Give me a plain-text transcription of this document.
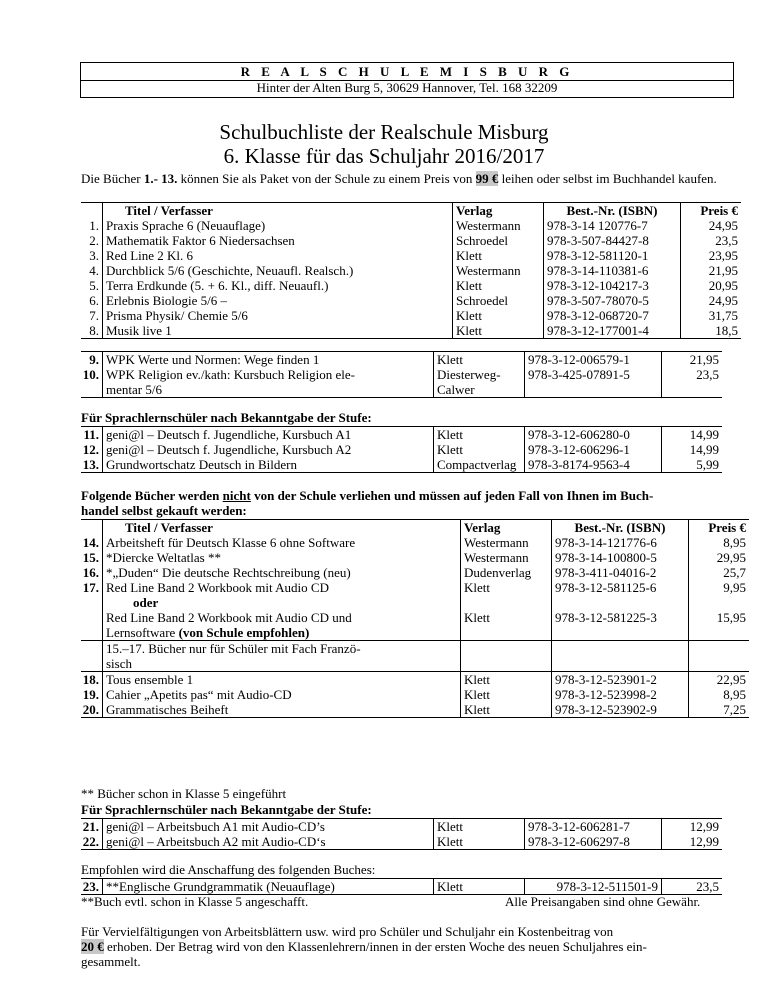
R E A L S C H U L E M I S B U R G
Hinter der Alten Burg 5, 30629 Hannover, Tel. 168 32209
Schulbuchliste der Realschule Misburg
6. Klasse für das Schuljahr 2016/2017
Die Bücher 1.- 13. können Sie als Paket von der Schule zu einem Preis von 99 € leihen oder selbst im Buchhandel kaufen.
	Titel / Verfasser	Verlag	Best.-Nr. (ISBN)	Preis €
1.	Praxis Sprache 6 (Neuauflage)	Westermann	978-3-14 120776-7	24,95
2.	Mathematik Faktor 6 Niedersachsen	Schroedel	978-3-507-84427-8	23,5
3.	Red Line 2 Kl. 6	Klett	978-3-12-581120-1	23,95
4.	Durchblick 5/6 (Geschichte, Neuaufl. Realsch.)	Westermann	978-3-14-110381-6	21,95
5.	Terra Erdkunde (5. + 6. Kl., diff. Neuaufl.)	Klett	978-3-12-104217-3	20,95
6.	Erlebnis Biologie 5/6 –	Schroedel	978-3-507-78070-5	24,95
7.	Prisma Physik/ Chemie 5/6	Klett	978-3-12-068720-7	31,75
8.	Musik live 1	Klett	978-3-12-177001-4	18,5
9.	WPK Werte und Normen: Wege finden 1	Klett	978-3-12-006579-1	21,95
10.	WPK Religion ev./kath: Kursbuch Religion ele-	Diesterweg-	978-3-425-07891-5	23,5
	mentar 5/6	Calwer		
Für Sprachlernschüler nach Bekanntgabe der Stufe:
11.	geni@l – Deutsch f. Jugendliche, Kursbuch A1	Klett	978-3-12-606280-0	14,99
12.	geni@l – Deutsch f. Jugendliche, Kursbuch A2	Klett	978-3-12-606296-1	14,99
13.	Grundwortschatz Deutsch in Bildern	Compactverlag	978-3-8174-9563-4	5,99
Folgende Bücher werden nicht von der Schule verliehen und müssen auf jeden Fall von Ihnen im Buch-
handel selbst gekauft werden:
	Titel / Verfasser	Verlag	Best.-Nr. (ISBN)	Preis €
14.	Arbeitsheft für Deutsch Klasse 6 ohne Software	Westermann	978-3-14-121776-6	8,95
15.	*Diercke Weltatlas **	Westermann	978-3-14-100800-5	29,95
16.	*„Duden“ Die deutsche Rechtschreibung (neu)	Dudenverlag	978-3-411-04016-2	25,7
17.	Red Line Band 2 Workbook mit Audio CD	Klett	978-3-12-581125-6	9,95
	oder			
	Red Line Band 2 Workbook mit Audio CD und	Klett	978-3-12-581225-3	15,95
	Lernsoftware (von Schule empfohlen)			
	15.–17. Bücher nur für Schüler mit Fach Franzö-			
	sisch			
18.	Tous ensemble 1	Klett	978-3-12-523901-2	22,95
19.	Cahier „Apetits pas“ mit Audio-CD	Klett	978-3-12-523998-2	8,95
20.	Grammatisches Beiheft	Klett	978-3-12-523902-9	7,25
** Bücher schon in Klasse 5 eingeführt
Für Sprachlernschüler nach Bekanntgabe der Stufe:
21.	geni@l – Arbeitsbuch A1 mit Audio-CD’s	Klett	978-3-12-606281-7	12,99
22.	geni@l – Arbeitsbuch A2 mit Audio-CD‘s	Klett	978-3-12-606297-8	12,99
Empfohlen wird die Anschaffung des folgenden Buches:
23.	**Englische Grundgrammatik (Neuauflage)	Klett	978-3-12-511501-9	23,5
**Buch evtl. schon in Klasse 5 angeschafft.	Alle Preisangaben sind ohne Gewähr.
Für Vervielfältigungen von Arbeitsblättern usw. wird pro Schüler und Schuljahr ein Kostenbeitrag von
20 € erhoben. Der Betrag wird von den Klassenlehrern/innen in der ersten Woche des neuen Schuljahres ein-
gesammelt.
